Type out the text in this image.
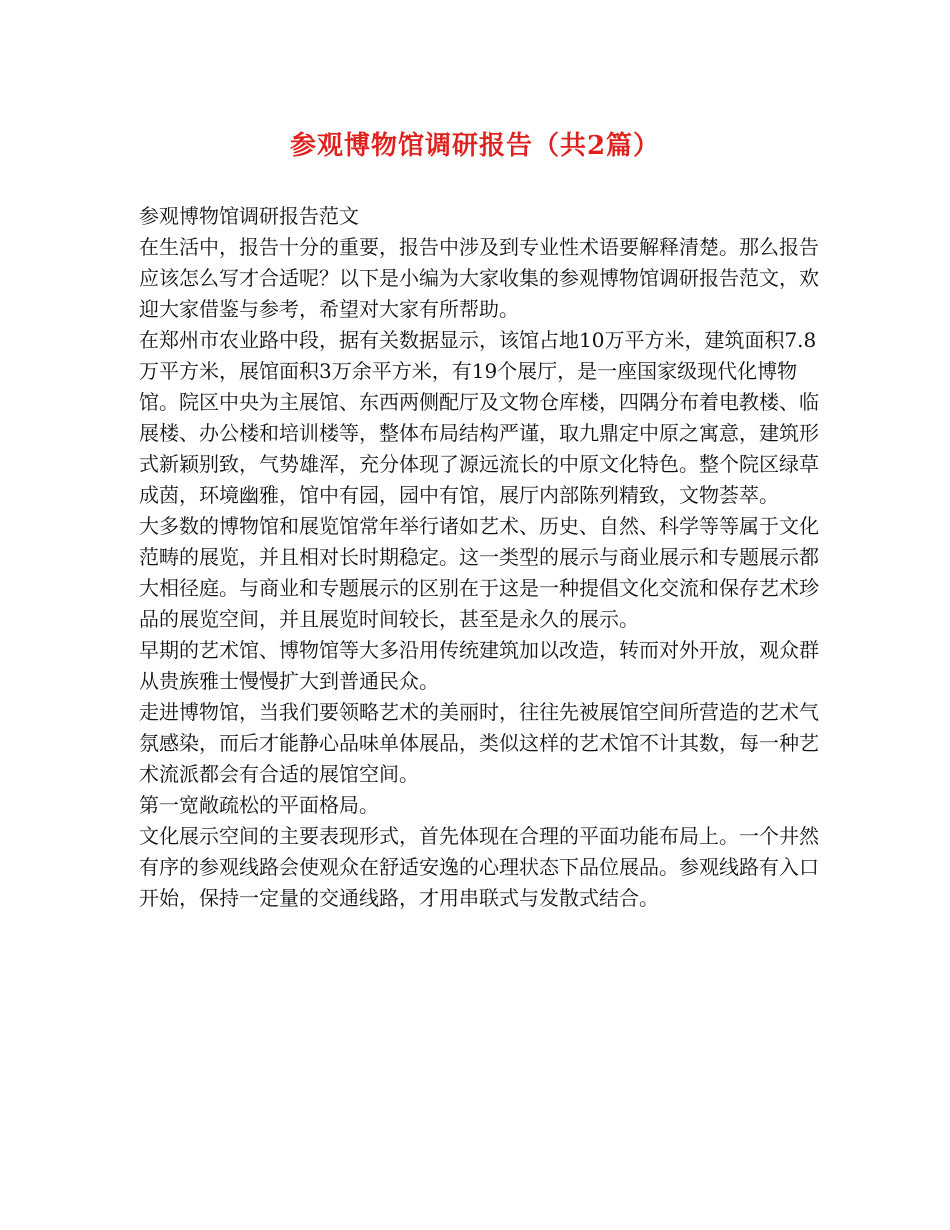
参观博物馆调研报告（共2篇）

参观博物馆调研报告范文

在生活中，报告十分的重要，报告中涉及到专业性术语要解释清楚。那么报告应该怎么写才合适呢？以下是小编为大家收集的参观博物馆调研报告范文，欢迎大家借鉴与参考，希望对大家有所帮助。

在郑州市农业路中段，据有关数据显示，该馆占地10万平方米，建筑面积7.8万平方米，展馆面积3万余平方米，有19个展厅，是一座国家级现代化博物馆。院区中央为主展馆、东西两侧配厅及文物仓库楼，四隅分布着电教楼、临展楼、办公楼和培训楼等，整体布局结构严谨，取九鼎定中原之寓意，建筑形式新颖别致，气势雄浑，充分体现了源远流长的中原文化特色。整个院区绿草成茵，环境幽雅，馆中有园，园中有馆，展厅内部陈列精致，文物荟萃。

大多数的博物馆和展览馆常年举行诸如艺术、历史、自然、科学等等属于文化范畴的展览，并且相对长时期稳定。这一类型的展示与商业展示和专题展示都大相径庭。与商业和专题展示的区别在于这是一种提倡文化交流和保存艺术珍品的展览空间，并且展览时间较长，甚至是永久的展示。

早期的艺术馆、博物馆等大多沿用传统建筑加以改造，转而对外开放，观众群从贵族雅士慢慢扩大到普通民众。

走进博物馆，当我们要领略艺术的美丽时，往往先被展馆空间所营造的艺术气氛感染，而后才能静心品味单体展品，类似这样的艺术馆不计其数，每一种艺术流派都会有合适的展馆空间。

第一宽敞疏松的平面格局。

文化展示空间的主要表现形式，首先体现在合理的平面功能布局上。一个井然有序的参观线路会使观众在舒适安逸的心理状态下品位展品。参观线路有入口开始，保持一定量的交通线路，才用串联式与发散式结合。
